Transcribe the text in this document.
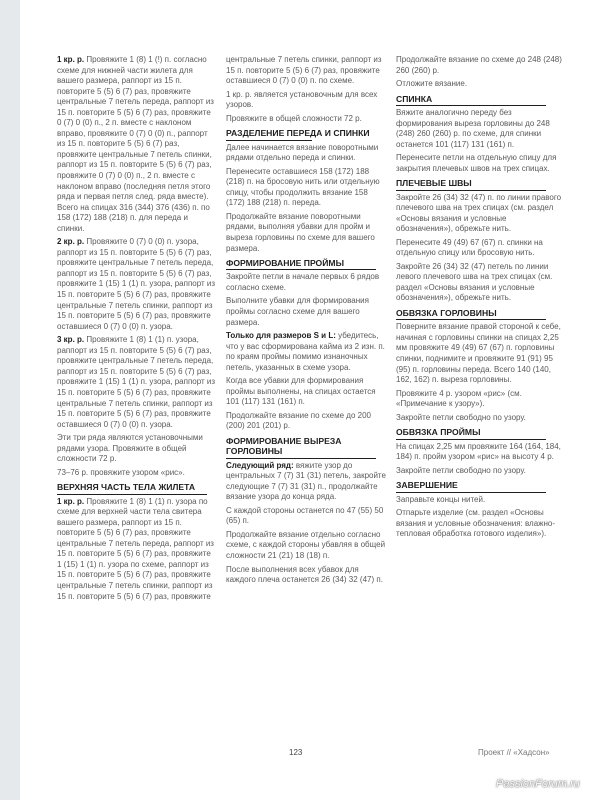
1 кр. р. Провяжите 1 (8) 1 (!) п. согласно схеме для нижней части жилета для вашего размера, раппорт из 15 п. повторите 5 (5) 6 (7) раз, провяжите центральные 7 петель переда, раппорт из 15 п. повторите 5 (5) 6 (7) раз, провяжите 0 (7) 0 (0) п., 2 п. вместе с наклоном вправо, провяжите 0 (7) 0 (0) п., раппорт из 15 п. повторите 5 (5) 6 (7) раз, провяжите центральные 7 петель спинки, раппорт из 15 п. повторите 5 (5) 6 (7) раз, провяжите 0 (7) 0 (0) п., 2 п. вместе с наклоном вправо (последняя петля этого ряда и первая петля след. ряда вместе). Всего на спицах 316 (344) 376 (436) п. по 158 (172) 188 (218) п. для переда и спинки.

2 кр. р. Провяжите 0 (7) 0 (0) п. узора, раппорт из 15 п. повторите 5 (5) 6 (7) раз, провяжите центральные 7 петель переда, раппорт из 15 п. повторите 5 (5) 6 (7) раз, провяжите 1 (15) 1 (1) п. узора, раппорт из 15 п. повторите 5 (5) 6 (7) раз, провяжите центральные 7 петель спинки, раппорт из 15 п. повторите 5 (5) 6 (7) раз, провяжите оставшиеся 0 (7) 0 (0) п. узора.

3 кр. р. Провяжите 1 (8) 1 (1) п. узора, раппорт из 15 п. повторите 5 (5) 6 (7) раз, провяжите центральные 7 петель переда, раппорт из 15 п. повторите 5 (5) 6 (7) раз, провяжите 1 (15) 1 (1) п. узора, раппорт из 15 п. повторите 5 (5) 6 (7) раз, провяжите центральные 7 петель спинки, раппорт из 15 п. повторите 5 (5) 6 (7) раз, провяжите оставшиеся 0 (7) 0 (0) п. узора.

Эти три ряда являются установочными рядами узора. Провяжите в общей сложности 72 р.

73–76 р. провяжите узором «рис».

ВЕРХНЯЯ ЧАСТЬ ТЕЛА ЖИЛЕТА

1 кр. р. Провяжите 1 (8) 1 (1) п. узора по схеме для верхней части тела свитера вашего размера, раппорт из 15 п. повторите 5 (5) 6 (7) раз, провяжите центральные 7 петель переда, раппорт из 15 п. повторите 5 (5) 6 (7) раз, провяжите 1 (15) 1 (1) п. узора по схеме, раппорт из 15 п. повторите 5 (5) 6 (7) раз, провяжите центральные 7 петель спинки, раппорт из 15 п. повторите 5 (5) 6 (7) раз, провяжите

центральные 7 петель спинки, раппорт из 15 п. повторите 5 (5) 6 (7) раз, провяжите оставшиеся 0 (7) 0 (0) п. по схеме.

1 кр. р. является установочным для всех узоров.

Провяжите в общей сложности 72 р.

РАЗДЕЛЕНИЕ ПЕРЕДА И СПИНКИ

Далее начинается вязание поворотными рядами отдельно переда и спинки.

Перенесите оставшиеся 158 (172) 188 (218) п. на бросовую нить или отдельную спицу, чтобы продолжить вязание 158 (172) 188 (218) п. переда.

Продолжайте вязание поворотными рядами, выполняя убавки для пройм и выреза горловины по схеме для вашего размера.

ФОРМИРОВАНИЕ ПРОЙМЫ

Закройте петли в начале первых 6 рядов согласно схеме.

Выполните убавки для формирования проймы согласно схеме для вашего размера.

Только для размеров S и L: убедитесь, что у вас сформирована кайма из 2 изн. п. по краям проймы помимо изнаночных петель, указанных в схеме узора.

Когда все убавки для формирования проймы выполнены, на спицах остается 101 (117) 131 (161) п.

Продолжайте вязание по схеме до 200 (200) 201 (201) р.

ФОРМИРОВАНИЕ ВЫРЕЗА ГОРЛОВИНЫ

Следующий ряд: вяжите узор до центральных 7 (7) 31 (31) петель, закройте следующие 7 (7) 31 (31) п., продолжайте вязание узора до конца ряда.

С каждой стороны останется по 47 (55) 50 (65) п.

Продолжайте вязание отдельно согласно схеме, с каждой стороны убавляя в общей сложности 21 (21) 18 (18) п.

После выполнения всех убавок для каждого плеча останется 26 (34) 32 (47) п.

Продолжайте вязание по схеме до 248 (248) 260 (260) р.

Отложите вязание.

СПИНКА

Вяжите аналогично переду без формирования выреза горловины до 248 (248) 260 (260) р. по схеме, для спинки останется 101 (117) 131 (161) п.

Перенесите петли на отдельную спицу для закрытия плечевых швов на трех спицах.

ПЛЕЧЕВЫЕ ШВЫ

Закройте 26 (34) 32 (47) п. по линии правого плечевого шва на трех спицах (см. раздел «Основы вязания и условные обозначения»), обрежьте нить.

Перенесите 49 (49) 67 (67) п. спинки на отдельную спицу или бросовую нить.

Закройте 26 (34) 32 (47) петель по линии левого плечевого шва на трех спицах (см. раздел «Основы вязания и условные обозначения»), обрежьте нить.

ОБВЯЗКА ГОРЛОВИНЫ

Поверните вязание правой стороной к себе, начиная с горловины спинки на спицах 2,25 мм провяжите 49 (49) 67 (67) п. горловины спинки, поднимите и провяжите 91 (91) 95 (95) п. горловины переда. Всего 140 (140, 162, 162) п. выреза горловины.

Провяжите 4 р. узором «рис» (см. «Примечание к узору»).

Закройте петли свободно по узору.

ОБВЯЗКА ПРОЙМЫ

На спицах 2,25 мм провяжите 164 (164, 184, 184) п. пройм узором «рис» на высоту 4 р.

Закройте петли свободно по узору.

ЗАВЕРШЕНИЕ

Заправьте концы нитей.

Отпарьте изделие (см. раздел «Основы вязания и условные обозначения: влажно-тепловая обработка готового изделия»).

123	Проект // «Хадсон»
PassionForum.ru
